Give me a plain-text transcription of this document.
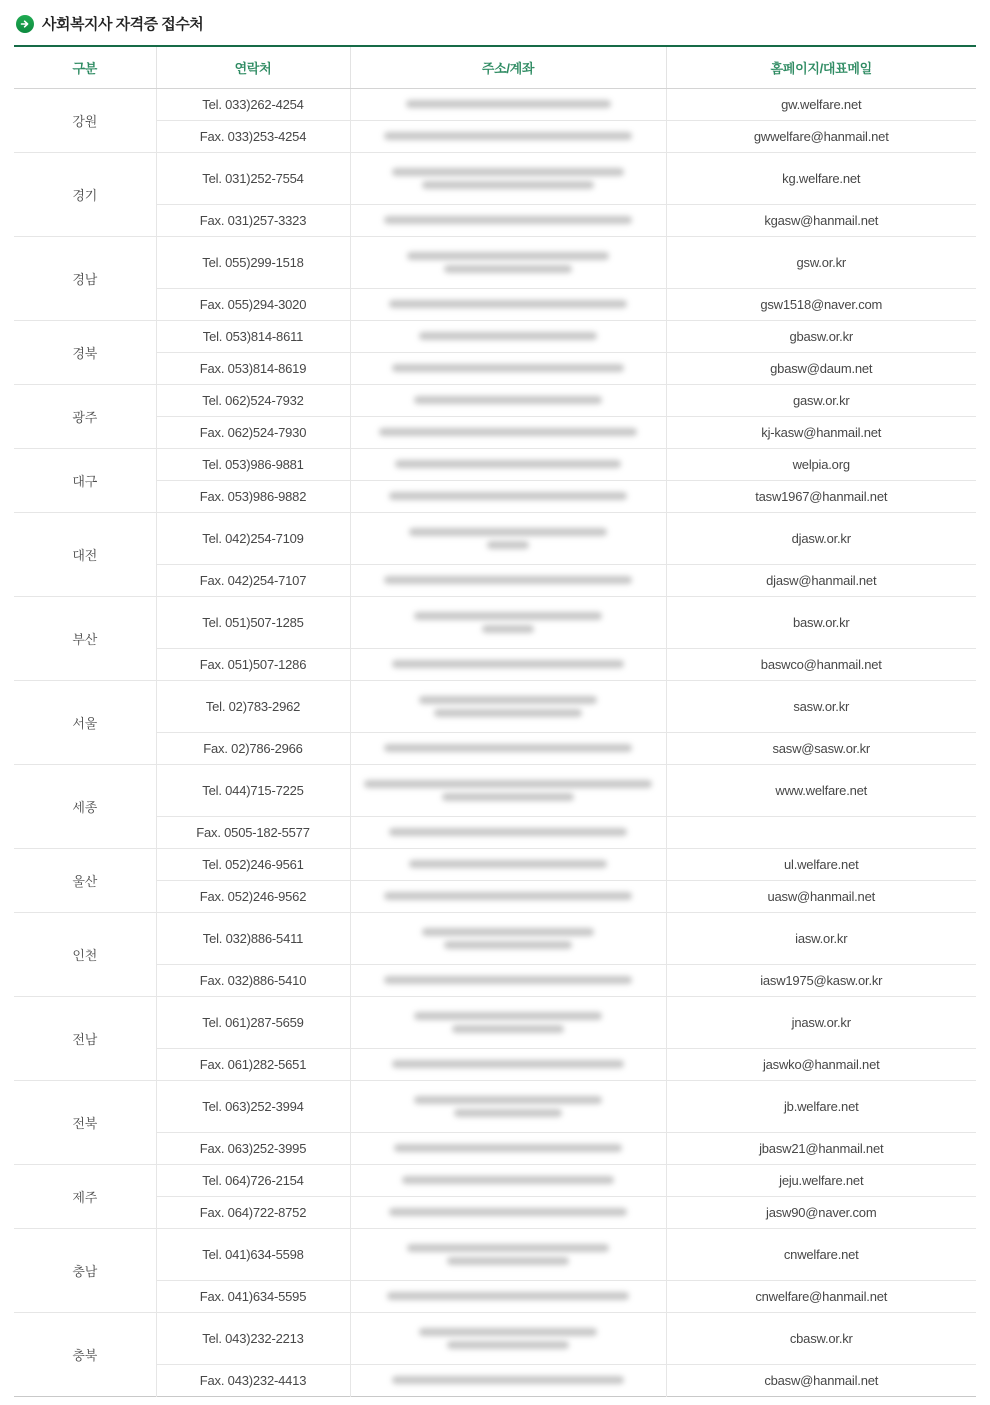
사회복지사 자격증 접수처
구분	연락처	주소/계좌	홈페이지/대표메일
강원	Tel. 033)262-4254		gw.welfare.net
	Fax. 033)253-4254		gwwelfare@hanmail.net
경기	Tel. 031)252-7554		kg.welfare.net
	Fax. 031)257-3323		kgasw@hanmail.net
경남	Tel. 055)299-1518		gsw.or.kr
	Fax. 055)294-3020		gsw1518@naver.com
경북	Tel. 053)814-8611		gbasw.or.kr
	Fax. 053)814-8619		gbasw@daum.net
광주	Tel. 062)524-7932		gasw.or.kr
	Fax. 062)524-7930		kj-kasw@hanmail.net
대구	Tel. 053)986-9881		welpia.org
	Fax. 053)986-9882		tasw1967@hanmail.net
대전	Tel. 042)254-7109		djasw.or.kr
	Fax. 042)254-7107		djasw@hanmail.net
부산	Tel. 051)507-1285		basw.or.kr
	Fax. 051)507-1286		baswco@hanmail.net
서울	Tel. 02)783-2962		sasw.or.kr
	Fax. 02)786-2966		sasw@sasw.or.kr
세종	Tel. 044)715-7225		www.welfare.net
	Fax. 0505-182-5577	

울산	Tel. 052)246-9561		ul.welfare.net
	Fax. 052)246-9562		uasw@hanmail.net
인천	Tel. 032)886-5411		iasw.or.kr
	Fax. 032)886-5410		iasw1975@kasw.or.kr
전남	Tel. 061)287-5659		jnasw.or.kr
	Fax. 061)282-5651		jaswko@hanmail.net
전북	Tel. 063)252-3994		jb.welfare.net
	Fax. 063)252-3995		jbasw21@hanmail.net
제주	Tel. 064)726-2154		jeju.welfare.net
	Fax. 064)722-8752		jasw90@naver.com
충남	Tel. 041)634-5598		cnwelfare.net
	Fax. 041)634-5595		cnwelfare@hanmail.net
충북	Tel. 043)232-2213		cbasw.or.kr
	Fax. 043)232-4413		cbasw@hanmail.net
